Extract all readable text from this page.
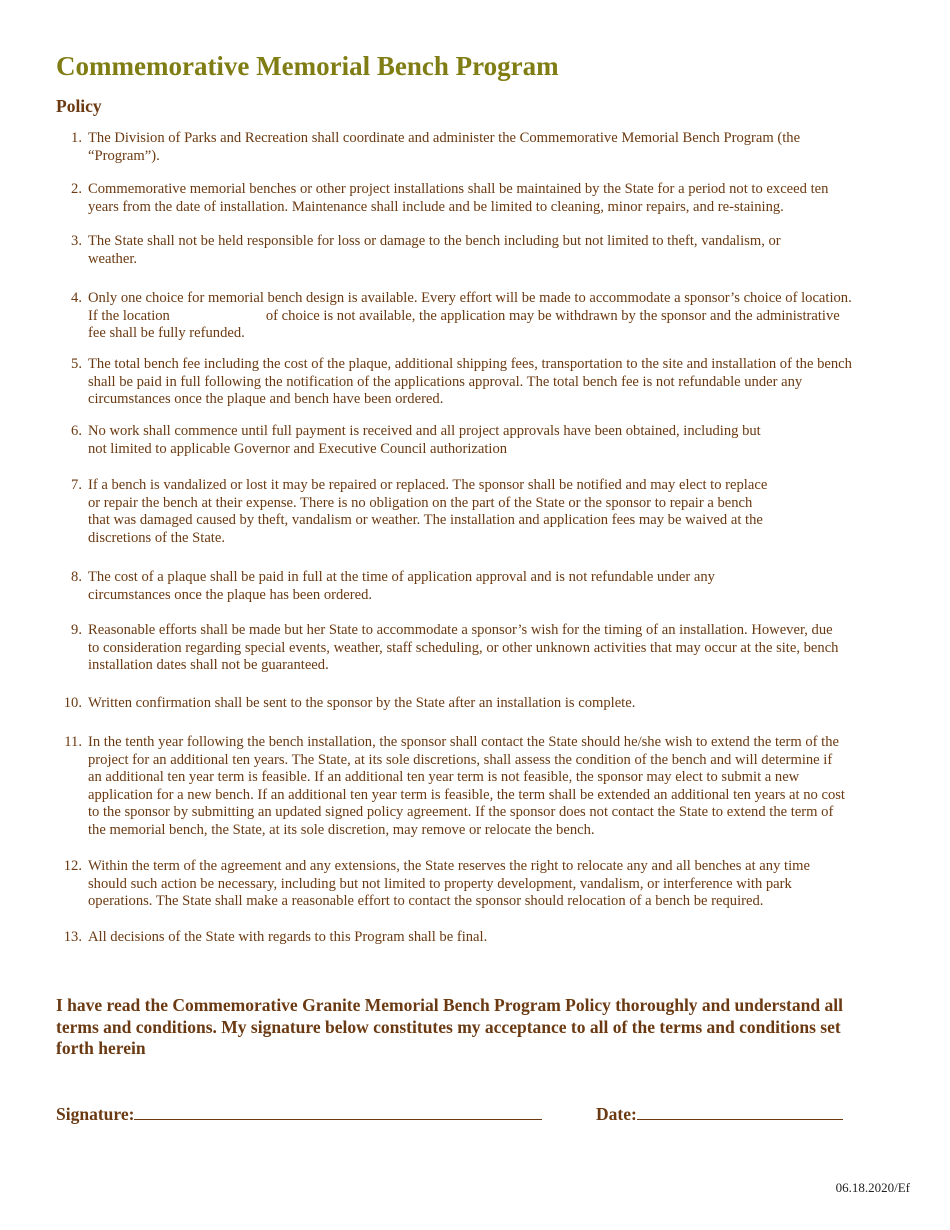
Commemorative Memorial Bench Program
Policy
1. The Division of Parks and Recreation shall coordinate and administer the Commemorative Memorial Bench Program (the
“Program”).
2. Commemorative memorial benches or other project installations shall be maintained by the State for a period not to exceed ten
years from the date of installation. Maintenance shall include and be limited to cleaning, minor repairs, and re-staining.
3. The State shall not be held responsible for loss or damage to the bench including but not limited to theft, vandalism, or
weather.
4. Only one choice for memorial bench design is available. Every effort will be made to accommodate a sponsor’s choice of location.
If the location	of choice is not available, the application may be withdrawn by the sponsor and the administrative
fee shall be fully refunded.
5. The total bench fee including the cost of the plaque, additional shipping fees, transportation to the site and installation of the bench
shall be paid in full following the notification of the applications approval. The total bench fee is not refundable under any
circumstances once the plaque and bench have been ordered.
6. No work shall commence until full payment is received and all project approvals have been obtained, including but
not limited to applicable Governor and Executive Council authorization
7. If a bench is vandalized or lost it may be repaired or replaced. The sponsor shall be notified and may elect to replace
or repair the bench at their expense. There is no obligation on the part of the State or the sponsor to repair a bench
that was damaged caused by theft, vandalism or weather. The installation and application fees may be waived at the
discretions of the State.
8. The cost of a plaque shall be paid in full at the time of application approval and is not refundable under any
circumstances once the plaque has been ordered.
9. Reasonable efforts shall be made but her State to accommodate a sponsor’s wish for the timing of an installation. However, due
to consideration regarding special events, weather, staff scheduling, or other unknown activities that may occur at the site, bench
installation dates shall not be guaranteed.
10. Written confirmation shall be sent to the sponsor by the State after an installation is complete.
11. In the tenth year following the bench installation, the sponsor shall contact the State should he/she wish to extend the term of the
project for an additional ten years. The State, at its sole discretions, shall assess the condition of the bench and will determine if
an additional ten year term is feasible. If an additional ten year term is not feasible, the sponsor may elect to submit a new
application for a new bench. If an additional ten year term is feasible, the term shall be extended an additional ten years at no cost
to the sponsor by submitting an updated signed policy agreement. If the sponsor does not contact the State to extend the term of
the memorial bench, the State, at its sole discretion, may remove or relocate the bench.
12. Within the term of the agreement and any extensions, the State reserves the right to relocate any and all benches at any time
should such action be necessary, including but not limited to property development, vandalism, or interference with park
operations. The State shall make a reasonable effort to contact the sponsor should relocation of a bench be required.
13. All decisions of the State with regards to this Program shall be final.
I have read the Commemorative Granite Memorial Bench Program Policy thoroughly and understand all
terms and conditions. My signature below constitutes my acceptance to all of the terms and conditions set
forth herein
Signature:	Date:
06.18.2020/Ef
